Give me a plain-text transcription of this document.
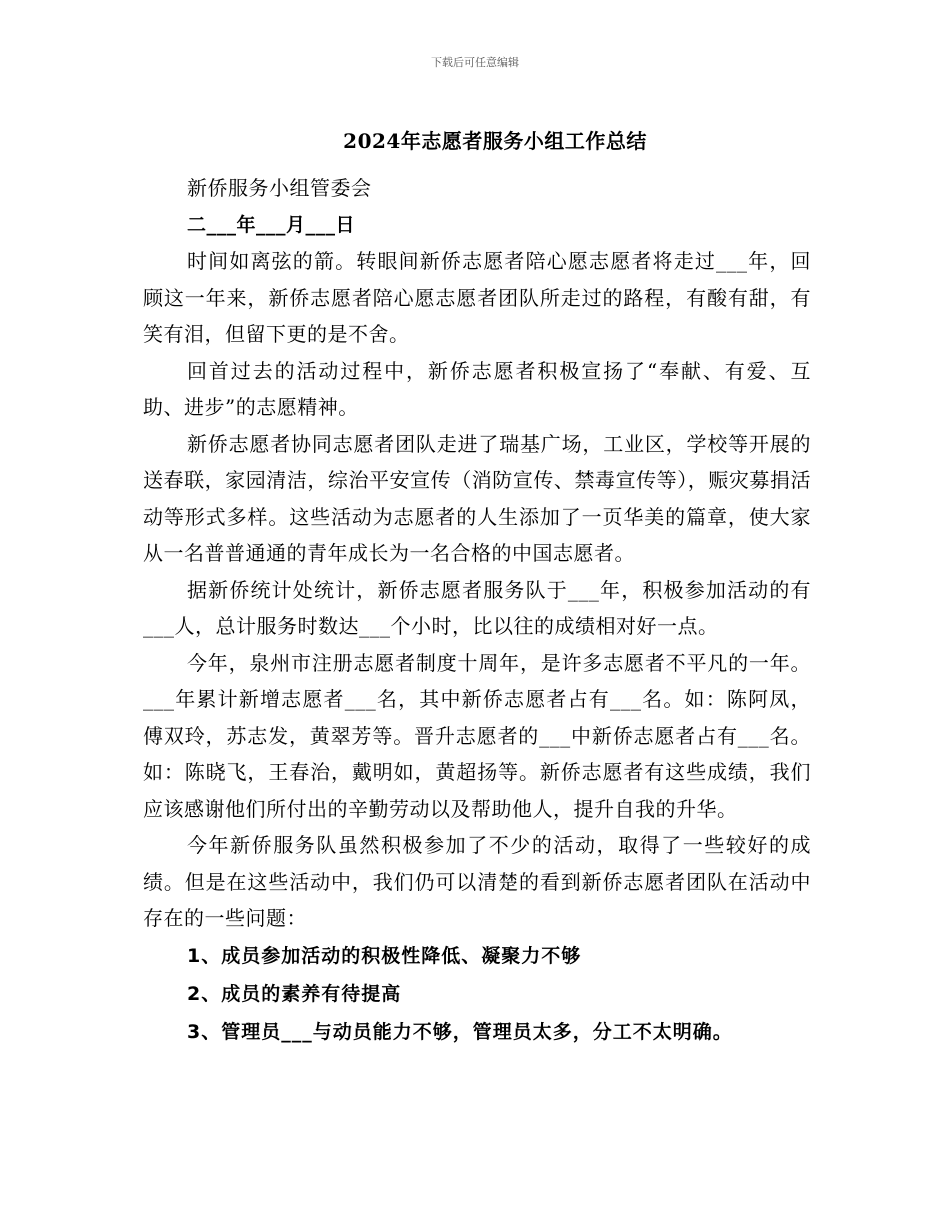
下载后可任意编辑
2024年志愿者服务小组工作总结

新侨服务小组管委会

二___年___月___日

时间如离弦的箭。转眼间新侨志愿者陪心愿志愿者将走过___年，回顾这一年来，新侨志愿者陪心愿志愿者团队所走过的路程，有酸有甜，有笑有泪，但留下更的是不舍。

回首过去的活动过程中，新侨志愿者积极宣扬了“奉献、有爱、互助、进步”的志愿精神。

新侨志愿者协同志愿者团队走进了瑞基广场，工业区，学校等开展的送春联，家园清洁，综治平安宣传（消防宣传、禁毒宣传等），赈灾募捐活动等形式多样。这些活动为志愿者的人生添加了一页华美的篇章，使大家从一名普普通通的青年成长为一名合格的中国志愿者。

据新侨统计处统计，新侨志愿者服务队于___年，积极参加活动的有___人，总计服务时数达___个小时，比以往的成绩相对好一点。

今年，泉州市注册志愿者制度十周年，是许多志愿者不平凡的一年。___年累计新增志愿者___名，其中新侨志愿者占有___名。如：陈阿凤，傅双玲，苏志发，黄翠芳等。晋升志愿者的___中新侨志愿者占有___名。如：陈晓飞，王春治，戴明如，黄超扬等。新侨志愿者有这些成绩，我们应该感谢他们所付出的辛勤劳动以及帮助他人，提升自我的升华。

今年新侨服务队虽然积极参加了不少的活动，取得了一些较好的成绩。但是在这些活动中，我们仍可以清楚的看到新侨志愿者团队在活动中存在的一些问题：

1、成员参加活动的积极性降低、凝聚力不够

2、成员的素养有待提高

3、管理员___与动员能力不够，管理员太多，分工不太明确。
